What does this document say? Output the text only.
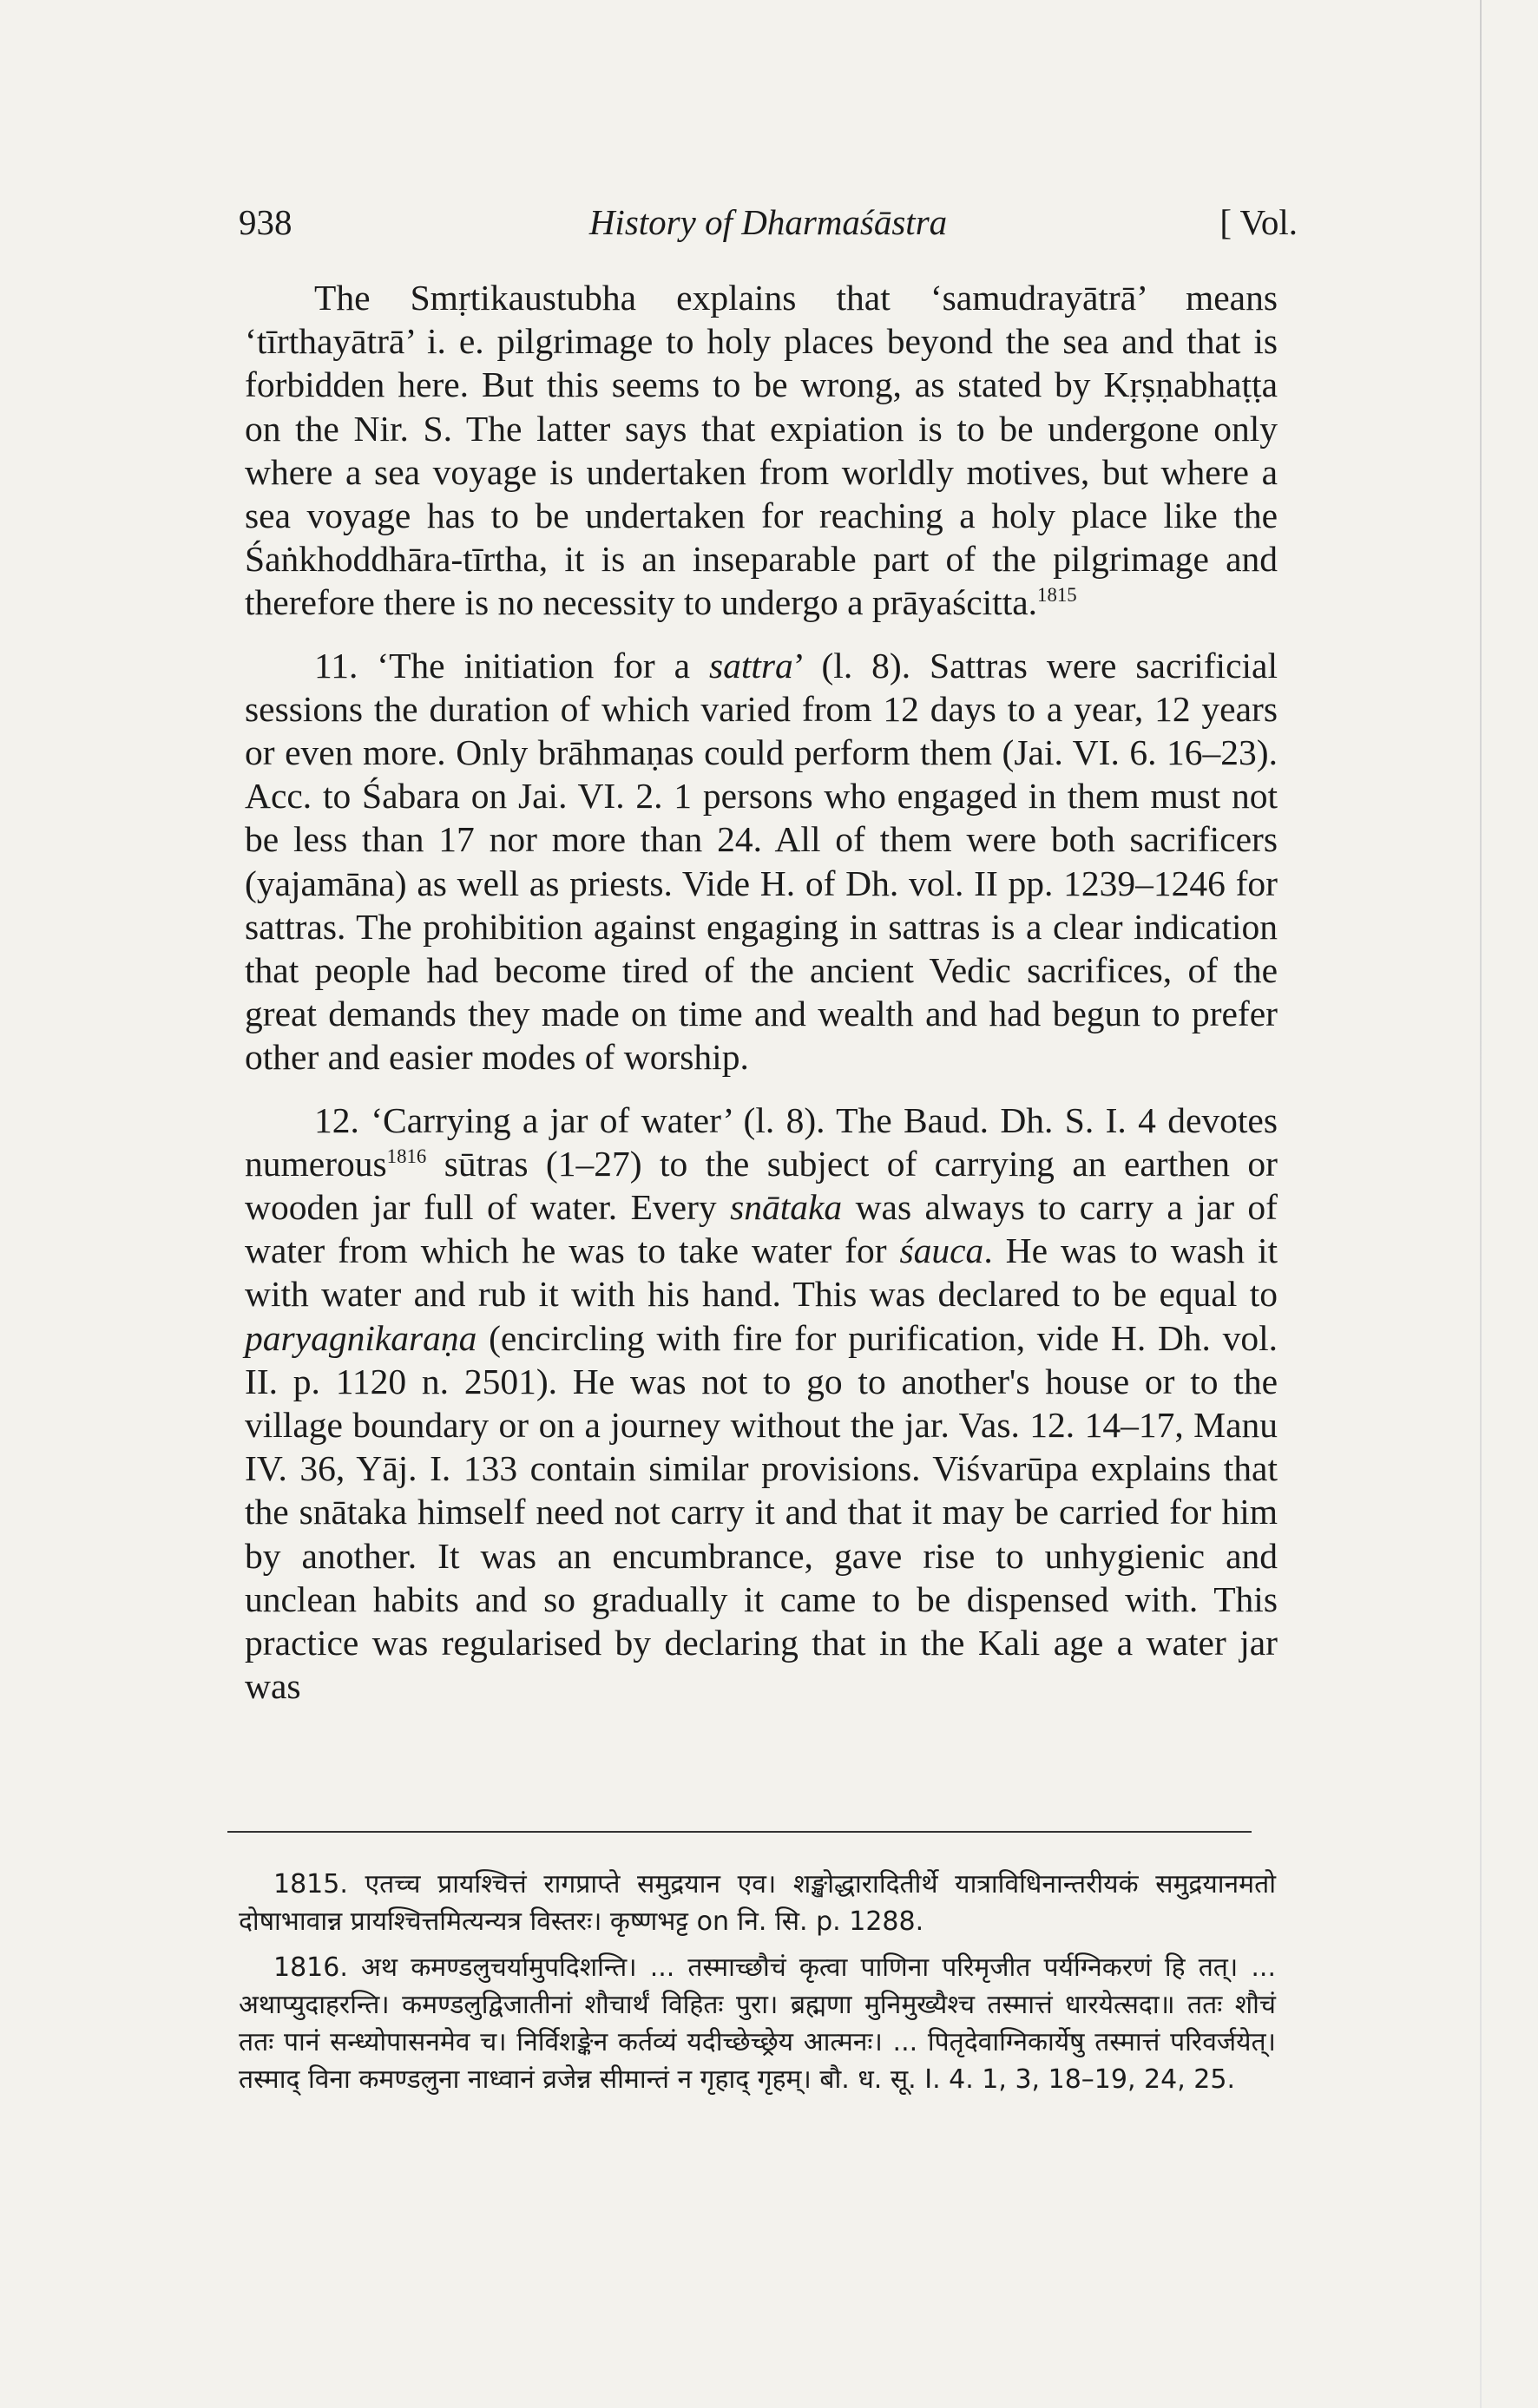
938	History of Dharmaśāstra	[ Vol.

The Smṛtikaustubha explains that ‘samudrayātrā’ means ‘tīrthayātrā’ i. e. pilgrimage to holy places beyond the sea and that is forbidden here. But this seems to be wrong, as stated by Kṛṣṇabhaṭṭa on the Nir. S. The latter says that expiation is to be undergone only where a sea voyage is undertaken from worldly motives, but where a sea voyage has to be undertaken for reaching a holy place like the Śaṅkhoddhāra-tīrtha, it is an inseparable part of the pilgrimage and therefore there is no necessity to undergo a prāyaścitta.$^{1815}$

11. ‘The initiation for a sattra’ (l. 8). Sattras were sacrificial sessions the duration of which varied from 12 days to a year, 12 years or even more. Only brāhmaṇas could perform them (Jai. VI. 6. 16–23). Acc. to Śabara on Jai. VI. 2. 1 persons who engaged in them must not be less than 17 nor more than 24. All of them were both sacrificers (yajamāna) as well as priests. Vide H. of Dh. vol. II pp. 1239–1246 for sattras. The prohibition against engaging in sattras is a clear indication that people had become tired of the ancient Vedic sacrifices, of the great demands they made on time and wealth and had begun to prefer other and easier modes of worship.

12. ‘Carrying a jar of water’ (l. 8). The Baud. Dh. S. I. 4 devotes numerous$^{1816}$ sūtras (1–27) to the subject of carrying an earthen or wooden jar full of water. Every snātaka was always to carry a jar of water from which he was to take water for śauca. He was to wash it with water and rub it with his hand. This was declared to be equal to paryagnikaraṇa (encircling with fire for purification, vide H. Dh. vol. II. p. 1120 n. 2501). He was not to go to another's house or to the village boundary or on a journey without the jar. Vas. 12. 14–17, Manu IV. 36, Yāj. I. 133 contain similar provisions. Viśvarūpa explains that the snātaka himself need not carry it and that it may be carried for him by another. It was an encumbrance, gave rise to unhygienic and unclean habits and so gradually it came to be dispensed with. This practice was regularised by declaring that in the Kali age a water jar was

1815. एतच्च प्रायश्चित्तं रागप्राप्ते समुद्रयान एव। शङ्खोद्धारादितीर्थे यात्राविधिनान्तरीयकं समुद्रयानमतो दोषाभावान्न प्रायश्चित्तमित्यन्यत्र विस्तरः। कृष्णभट्ट on नि. सि. p. 1288.

1816. अथ कमण्डलुचर्यामुपदिशन्ति। ... तस्माच्छौचं कृत्वा पाणिना परिमृजीत पर्यग्निकरणं हि तत्। ... अथाप्युदाहरन्ति। कमण्डलुद्विजातीनां शौचार्थं विहितः पुरा। ब्रह्मणा मुनिमुख्यैश्च तस्मात्तं धारयेत्सदा॥ ततः शौचं ततः पानं सन्ध्योपासनमेव च। निर्विशङ्केन कर्तव्यं यदीच्छेच्छ्रेय आत्मनः। ... पितृदेवाग्निकार्येषु तस्मात्तं परिवर्जयेत्। तस्माद् विना कमण्डलुना नाध्वानं व्रजेन्न सीमान्तं न गृहाद् गृहम्। बौ. ध. सू. I. 4. 1, 3, 18–19, 24, 25.
